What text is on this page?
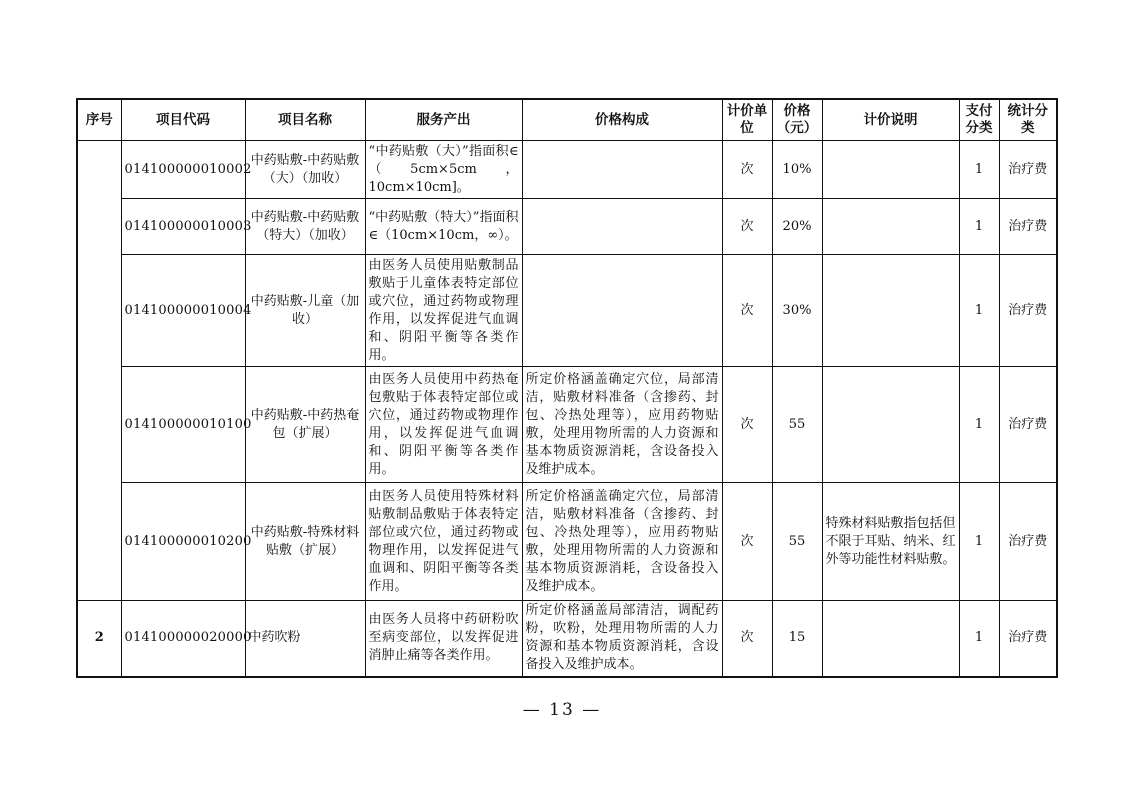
序号	项目代码	项目名称	服务产出	价格构成	计价单位	价格（元）	计价说明	支付分类	统计分类
	014100000010002	中药贴敷-中药贴敷（大）（加收）	“中药贴敷（大）”指面积∈（5cm×5cm，10cm×10cm]。		次	10%		1	治疗费
	014100000010003	中药贴敷-中药贴敷（特大）（加收）	“中药贴敷（特大）”指面积∈（10cm×10cm，∞）。		次	20%		1	治疗费
	014100000010004	中药贴敷-儿童（加收）	由医务人员使用贴敷制品敷贴于儿童体表特定部位或穴位，通过药物或物理作用，以发挥促进气血调和、阴阳平衡等各类作用。		次	30%		1	治疗费
	014100000010100	中药贴敷-中药热奄包（扩展）	由医务人员使用中药热奄包敷贴于体表特定部位或穴位，通过药物或物理作用，以发挥促进气血调和、阴阳平衡等各类作用。	所定价格涵盖确定穴位，局部清洁，贴敷材料准备（含掺药、封包、冷热处理等），应用药物贴敷，处理用物所需的人力资源和基本物质资源消耗，含设备投入及维护成本。	次	55		1	治疗费
	014100000010200	中药贴敷-特殊材料贴敷（扩展）	由医务人员使用特殊材料贴敷制品敷贴于体表特定部位或穴位，通过药物或物理作用，以发挥促进气血调和、阴阳平衡等各类作用。	所定价格涵盖确定穴位，局部清洁，贴敷材料准备（含掺药、封包、冷热处理等），应用药物贴敷，处理用物所需的人力资源和基本物质资源消耗，含设备投入及维护成本。	次	55	特殊材料贴敷指包括但不限于耳贴、纳米、红外等功能性材料贴敷。	1	治疗费
2	014100000020000	中药吹粉	由医务人员将中药研粉吹至病变部位，以发挥促进消肿止痛等各类作用。	所定价格涵盖局部清洁，调配药粉，吹粉，处理用物所需的人力资源和基本物质资源消耗，含设备投入及维护成本。	次	15		1	治疗费
— 13 —
